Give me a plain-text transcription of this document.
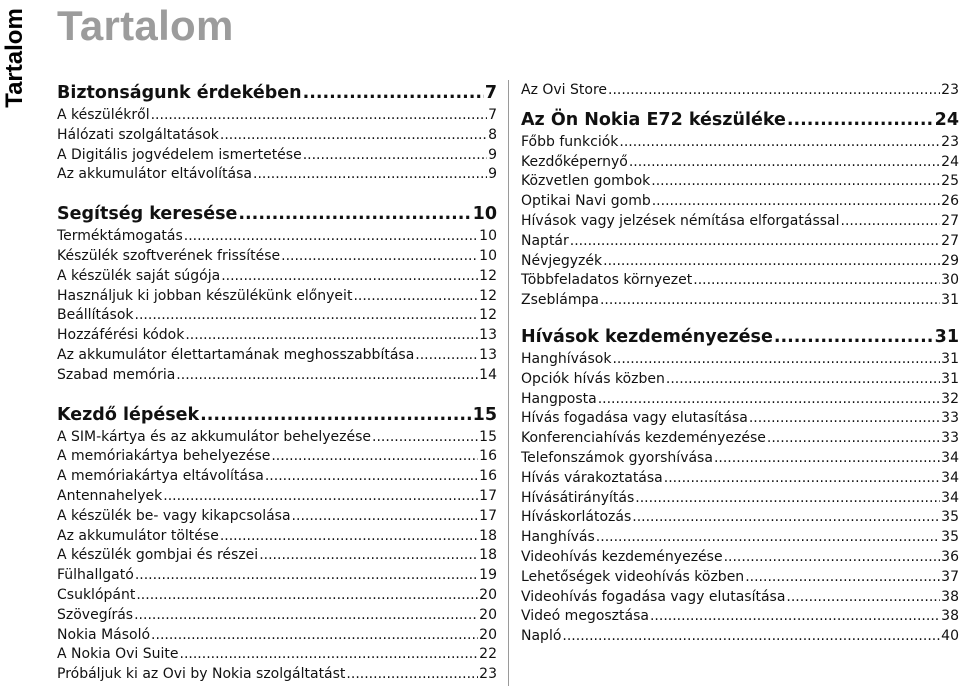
Tartalom Tartalom
Biztonságunk érdekében .....	7
A készülékről .....	7
Hálózati szolgáltatások .....	8
A Digitális jogvédelem ismertetése .....	9
Az akkumulátor eltávolítása .....	9
Segítség keresése .....	10
Terméktámogatás .....	10
Készülék szoftverének frissítése .....	10
A készülék saját súgója .....	12
Használjuk ki jobban készülékünk előnyeit .....	12
Beállítások .....	12
Hozzáférési kódok .....	13
Az akkumulátor élettartamának meghosszabbítása .....	13
Szabad memória .....	14
Kezdő lépések .....	15
A SIM-kártya és az akkumulátor behelyezése .....	15
A memóriakártya behelyezése .....	16
A memóriakártya eltávolítása .....	16
Antennahelyek .....	17
A készülék be- vagy kikapcsolása .....	17
Az akkumulátor töltése .....	18
A készülék gombjai és részei .....	18
Fülhallgató .....	19
Csuklópánt .....	20
Szövegírás .....	20
Nokia Másoló .....	20
A Nokia Ovi Suite .....	22
Próbáljuk ki az Ovi by Nokia szolgáltatást .....	23
Az Ovi Store .....	23
Az Ön Nokia E72 készüléke .....	24
Főbb funkciók .....	23
Kezdőképernyő .....	24
Közvetlen gombok .....	25
Optikai Navi gomb .....	26
Hívások vagy jelzések némítása elforgatással .....	27
Naptár .....	27
Névjegyzék .....	29
Többfeladatos környezet .....	30
Zseblámpa .....	31
Hívások kezdeményezése .....	31
Hanghívások .....	31
Opciók hívás közben .....	31
Hangposta .....	32
Hívás fogadása vagy elutasítása .....	33
Konferenciahívás kezdeményezése .....	33
Telefonszámok gyorshívása .....	34
Hívás várakoztatása .....	34
Hívásátirányítás .....	34
Híváskorlátozás .....	35
Hanghívás .....	35
Videohívás kezdeményezése .....	36
Lehetőségek videohívás közben .....	37
Videohívás fogadása vagy elutasítása .....	38
Videó megosztása .....	38
Napló .....	40
